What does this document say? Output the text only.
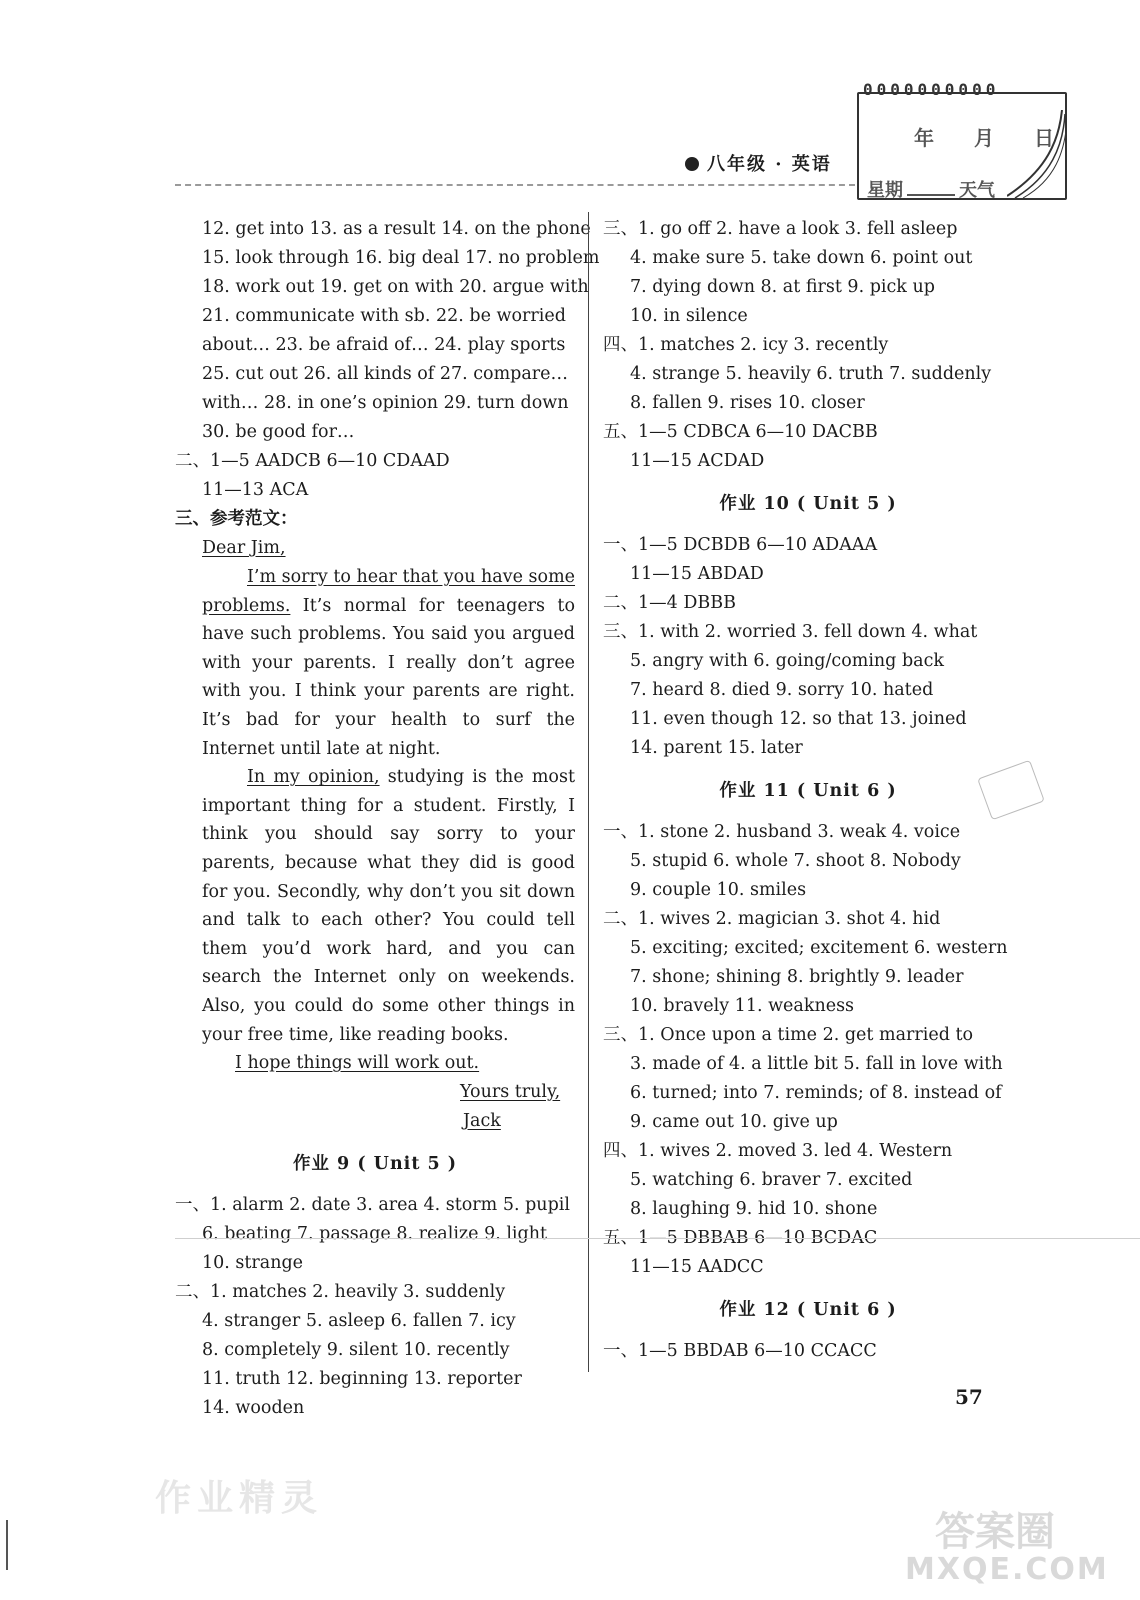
八年级 · 英语
年 月 日
星期	天气
0000000000
12. get into 13. as a result 14. on the phone
15. look through 16. big deal 17. no problem
18. work out 19. get on with 20. argue with
21. communicate with sb. 22. be worried
about… 23. be afraid of… 24. play sports
25. cut out 26. all kinds of 27. compare…
with… 28. in one’s opinion 29. turn down
30. be good for…
二、1—5 AADCB 6—10 CDAAD
11—13 ACA
三、参考范文：
Dear Jim,
I’m sorry to hear that you have some problems. It’s normal for teenagers to have such problems. You said you argued with your parents. I really don’t agree with you. I think your parents are right. It’s bad for your health to surf the Internet until late at night.
In my opinion, studying is the most important thing for a student. Firstly, I think you should say sorry to your parents, because what they did is good for you. Secondly, why don’t you sit down and talk to each other? You could tell them you’d work hard, and you can search the Internet only on weekends. Also, you could do some other things in your free time, like reading books.
I hope things will work out.
Yours truly,
Jack
作业 9 ( Unit 5 )
一、1. alarm 2. date 3. area 4. storm 5. pupil
6. beating 7. passage 8. realize 9. light
10. strange
二、1. matches 2. heavily 3. suddenly
4. stranger 5. asleep 6. fallen 7. icy
8. completely 9. silent 10. recently
11. truth 12. beginning 13. reporter
14. wooden
三、1. go off 2. have a look 3. fell asleep
4. make sure 5. take down 6. point out
7. dying down 8. at first 9. pick up
10. in silence
四、1. matches 2. icy 3. recently
4. strange 5. heavily 6. truth 7. suddenly
8. fallen 9. rises 10. closer
五、1—5 CDBCA 6—10 DACBB
11—15 ACDAD
作业 10 ( Unit 5 )
一、1—5 DCBDB 6—10 ADAAA
11—15 ABDAD
二、1—4 DBBB
三、1. with 2. worried 3. fell down 4. what
5. angry with 6. going/coming back
7. heard 8. died 9. sorry 10. hated
11. even though 12. so that 13. joined
14. parent 15. later
作业 11 ( Unit 6 )
一、1. stone 2. husband 3. weak 4. voice
5. stupid 6. whole 7. shoot 8. Nobody
9. couple 10. smiles
二、1. wives 2. magician 3. shot 4. hid
5. exciting; excited; excitement 6. western
7. shone; shining 8. brightly 9. leader
10. bravely 11. weakness
三、1. Once upon a time 2. get married to
3. made of 4. a little bit 5. fall in love with
6. turned; into 7. reminds; of 8. instead of
9. came out 10. give up
四、1. wives 2. moved 3. led 4. Western
5. watching 6. braver 7. excited
8. laughing 9. hid 10. shone
五、1—5 DBBAB 6—10 BCDAC
11—15 AADCC
作业 12 ( Unit 6 )
一、1—5 BBDAB 6—10 CCACC
57
作业精灵
答案圈
MXQE.COM
